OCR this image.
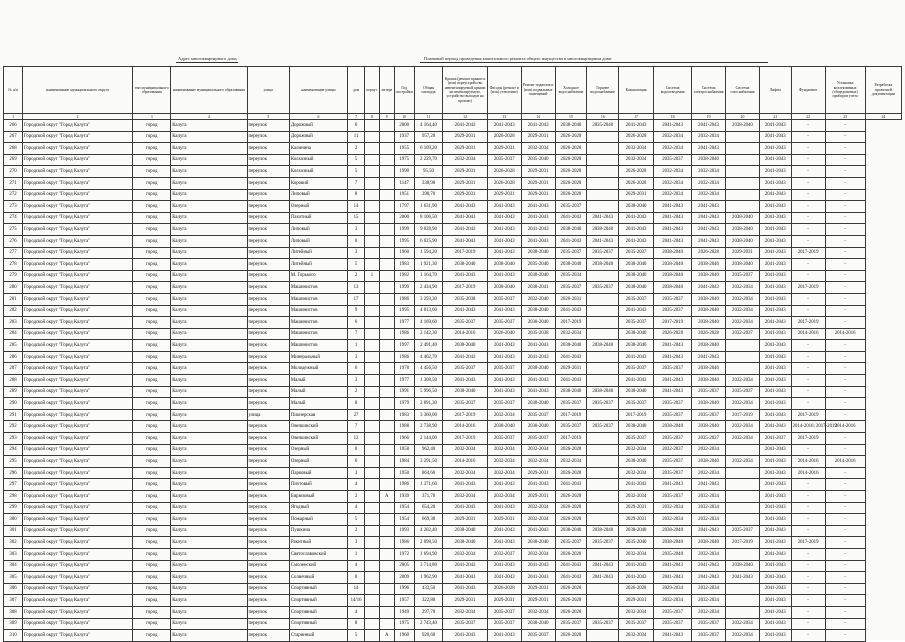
Адрес многоквартирного дома	Плановый период проведения капитального ремонта общего имущества в многоквартирном доме
№ п/п	наименование муниципального округа	тип муниципального образования	наименование муниципального образования	улица	наименование улицы	дом	корпус	литера	Год постройки	Общая площадь	Крыша (ремонт крыши и (или) переустройство невентилируемой крыши на вентилируемую, устройство выходов на кровлю)	Фасады (ремонт и (или) утепление)	Ремонт подвалов и (или) подвальных помещений	Холодное водоснабжение	Горячее водоснабжение	Канализация	Система водоотведения	Система электроснабжения	Система газоснабжения	Лифты	Фундамент	Установка коллективных (общедомовых) приборов учета	Разработка проектной документации
1	2	3	4	5	6	7	8	9	10	11	12	13	14	15	16	17	18	19	20	21	22	23	24
266	Городской округ "Город Калуга"	город	Калуга	переулок	Дорожный	6			2000	4 164,40	2041-2043	2041-2043	2041-2043	2038-2040	2035-2040	2041-2043	2041-2043	2041-2043	2038-2040	2041-2043	-	-	
267	Городской округ "Город Калуга"	город	Калуга	переулок	Дорожный	11			1937	957,20	2029-2031	2026-2028	2029-2031	2026-2028		2026-2028	2032-2034	2032-2034		2041-2043	-	-	
268	Городской округ "Город Калуга"	город	Калуга	переулок	Калинина	2			1955	6 109,20	2029-2031	2029-2031	2032-2034	2026-2028		2032-2034	2032-2034	2041-2043		2041-2043	-	-	
269	Городской округ "Город Калуга"	город	Калуга	переулок	Колхозный	5			1975	2 229,70	2032-2034	2035-2037	2035-2040	2026-2028		2032-2034	2035-2037	2038-2040		2041-2043	-	-	
270	Городской округ "Город Калуга"	город	Калуга	переулок	Колхозный	5			1990	95,50	2029-2031	2026-2028	2029-2031	2026-2028		2026-2028	2032-2034	2032-2034		2041-2043	-	-	
271	Городской округ "Город Калуга"	город	Калуга	переулок	Коровий	7			1147	338,90	2029-2031	2026-2028	2029-2031	2026-2028		2026-2028	2032-2034	2032-2034		2041-2043	-	-	
272	Городской округ "Город Калуга"	город	Калуга	переулок	Липовый	8			1951	398,70	2029-2031	2029-2031	2029-2031	2026-2028		2029-2031	2032-2034	2032-2034		2041-2043	-	-	
273	Городской округ "Город Калуга"	город	Калуга	переулок	Озерный	14			1797	1 631,90	2041-2043	2041-2043	2041-2043	2035-2037		2038-2040	2041-2043	2041-2043		2041-2043	-	-	
274	Городской округ "Город Калуга"	город	Калуга	переулок	Пахотный	15			2000	8 106,50	2041-2043	2041-2043	2041-2043	2041-2043	2041-2043	2041-2043	2041-2043	2041-2043	2038-2040	2041-2043	-	-	
275	Городской округ "Город Калуга"	город	Калуга	переулок	Липовый	3			1999	9 028,90	2041-2043	2041-2043	2041-2043	2038-2040	2038-2040	2041-2043	2041-2043	2041-2043	2038-2040	2041-2043	-	-	
276	Городской округ "Город Калуга"	город	Калуга	переулок	Липовый	6			1995	6 025,90	2041-2043	2041-2043	2041-2043	2041-2043	2041-2043	2041-2043	2041-2043	2041-2043	2038-2040	2041-2043	-	-	
277	Городской округ "Город Калуга"	город	Калуга	переулок	Литейный	3			1960	1 594,20	2017-2019	2041-2043	2038-2040	2035-2037	2035-2037	2035-2037	2038-2040	2026-2028	2029-2031	2041-2043	2017-2019	-	
278	Городской округ "Город Калуга"	город	Калуга	переулок	Литейный	5			1983	1 921,30	2038-2040	2038-2040	2035-2040	2038-2040	2038-2040	2038-2040	2038-2040	2038-2040	2038-2040	2041-2043	-	-	
279	Городской округ "Город Калуга"	город	Калуга	переулок	М. Горького	2	1		1982	1 164,70	2041-2043	2041-2043	2038-2040	2035-2034		2038-2040	2038-2040	2038-2040	2035-2037	2041-2043	-	-	
280	Городской округ "Город Калуга"	город	Калуга	переулок	Машинистов	13			1999	2 434,90	2017-2019	2038-2040	2038-2041	2035-2037	2035-2037	2038-2040	2038-2040	2041-2043	2032-2034	2041-2043	2017-2019	-	
281	Городской округ "Город Калуга"	город	Калуга	переулок	Машинистов	17			1986	3 293,30	2035-2038	2035-2037	2032-2040	2026-2031		2035-2037	2035-2037	2038-2040	2032-2034	2041-2043	-	-	
282	Городской округ "Город Калуга"	город	Калуга	переулок	Машинистов	9			1995	4 013,60	2041-2043	2041-2043	2038-2040	2041-2043		2041-2043	2035-2037	2038-2040	2032-2034	2041-2043	-	-	
283	Городской округ "Город Калуга"	город	Калуга	переулок	Машинистов	6			1977	4 169,60	2035-2037	2035-2037	2038-2040	2017-2019		2035-2037	2017-2019	2038-2040	2032-2034	2041-2043	2017-2019	-	
284	Городской округ "Город Калуга"	город	Калуга	переулок	Машинистов	7			1986	2 142,30	2014-2016	2026-2040	2035-2038	2032-2034		2038-2040	2026-2028	2026-2028	2032-2037	2041-2043	2014-2016	2014-2016	
285	Городской округ "Город Калуга"	город	Калуга	переулок	Машинистов	1			1997	2 491,40	2038-2040	2041-2043	2041-2043	2038-2040	2038-2040	2038-2040	2041-2043	2038-2040		2041-2043	-	-	
286	Городской округ "Город Калуга"	город	Калуга	переулок	Минеральный	3			1986	4 402,70	2041-2043	2041-2043	2041-2043	2041-2043		2041-2043	2041-2043	2041-2043		2041-2043	-	-	
287	Городской округ "Город Калуга"	город	Калуга	переулок	Молодежный	6			1978	4 456,50	2035-2037	2035-2037	2038-2040	2029-2031		2035-2037	2035-2037	2038-2040		2041-2043	-	-	
288	Городской округ "Город Калуга"	город	Калуга	переулок	Малый	3			1977	1 308,50	2041-2043	2041-2043	2041-2043	2041-2043		2041-2043	2041-2043	2038-2040	2032-2034	2041-2043	-	-	
289	Городской округ "Город Калуга"	город	Калуга	переулок	Малый	2			1991	5 996,50	2038-2040	2041-2043	2041-2043	2038-2040	2038-2040	2038-2040	2041-2043	2035-2037	2035-2037	2041-2043	-	-	
290	Городской округ "Город Калуга"	город	Калуга	переулок	Малый	8			1979	2 891,30	2035-2037	2035-2037	2038-2040	2035-2037	2035-2037	2035-2037	2035-2037	2038-2040	2032-2034	2041-2043	-	-	
291	Городской округ "Город Калуга"	город	Калуга	улица	Пионерская	27			1983	3 360,00	2017-2019	2032-2034	2035-2037	2017-2019		2017-2019	2035-2037	2035-2037	2017-2019	2041-2043	2017-2019	-	
292	Городской округ "Город Калуга"	город	Калуга	переулок	Овечкинский	7			1988	2 738,90	2014-2016	2038-2040	2038-2040	2035-2037	2035-2037	2038-2040	2038-2040	2038-2040	2032-2034	2041-2043	2014-2016; 2017-2019	2014-2016	
293	Городской округ "Город Калуга"	город	Калуга	переулок	Овечкинский	12			1966	2 144,00	2017-2019	2035-2037	2035-2037	2017-2019		2035-2037	2035-2037	2035-2037	2032-2034	2041-2037	2017-2019	-	
294	Городской округ "Город Калуга"	город	Калуга	переулок	Озерный	8			1958	962,40	2032-2034	2032-2034	2032-2034	2026-2028		2032-2034	2032-2037	2032-2034		2041-2043	-	-	
295	Городской округ "Город Калуга"	город	Калуга	переулок	Озерный	6			1984	3 291,50	2014-2016	2032-2034	2032-2034	2032-2034		2038-2040	2035-2037	2038-2040	2032-2034	2041-2043	2014-2016	2014-2016	
296	Городской округ "Город Калуга"	город	Калуга	переулок	Парковый	3			1950	864,60	2032-2034	2032-2034	2029-2031	2026-2028		2032-2034	2035-2037	2032-2034		2041-2043	2014-2016	-	
297	Городской округ "Город Калуга"	город	Калуга	переулок	Пихтовый	4			1986	1 371,60	2041-2043	2041-2043	2041-2043	2041-2043		2041-2043	2041-2043	2041-2043		2041-2043	-	-	
298	Городской округ "Город Калуга"	город	Калуга	переулок	Бирюзовый	2		А	1939	371,70	2032-2034	2032-2034	2029-2031	2026-2028		2032-2034	2035-2037	2032-2034		2041-2043	-	-	
299	Городской округ "Город Калуга"	город	Калуга	переулок	Ягодный	4			1954	654,20	2041-2043	2041-2043	2032-2034	2026-2028		2029-2031	2032-2034	2032-2034		2041-2043	-	-	
300	Городской округ "Город Калуга"	город	Калуга	переулок	Пожарный	5			1954	669,30	2029-2031	2029-2031	2032-2034	2026-2028		2029-2031	2032-2034	2032-2034		2041-2043	-	-	
301	Городской округ "Город Калуга"	город	Калуга	переулок	Пушкина	2			1993	4 202,40	2038-2040	2041-2043	2041-2043	2038-2040	2038-2040	2038-2040	2038-2040	2041-2043	2035-2037	2041-2043	-	-	
302	Городской округ "Город Калуга"	город	Калуга	переулок	Ракитный	3			1986	2 098,50	2038-2040	2041-2043	2038-2040	2035-2037	2035-2037	2035-2040	2038-2040	2038-2040	2017-2019	2041-2043	2017-2019	-	
303	Городской округ "Город Калуга"	город	Калуга	переулок	Святославовский	1			1972	1 694,90	2032-2034	2032-2037	2032-2034	2026-2028		2032-2034	2035-2040	2032-2034		2041-2043	-	-	
304	Городской округ "Город Калуга"	город	Калуга	переулок	Смоленский	4			2005	3 714,80	2041-2043	2041-2043	2041-2043	2041-2043	2041-2043	2041-2043	2041-2043	2041-2043	2038-2040	2041-2043	-	-	
305	Городской округ "Город Калуга"	город	Калуга	переулок	Солнечный	8			2009	1 962,90	2041-2043	2041-2043	2041-2043	2041-2043	2041-2043	2041-2043	2041-2043	2041-2043	2041-2043	2041-2043	-	-	
306	Городской округ "Город Калуга"	город	Калуга	переулок	Спортивный	14			1996	433,50	2041-2043	2026-2028	2029-2031	2026-2028		2026-2028	2029-2034	2032-2034		2041-2043	-	-	
307	Городской округ "Город Калуга"	город	Калуга	переулок	Спортивный	14/16			1957	322,80	2029-2031	2029-2031	2029-2031	2026-2028		2029-2031	2032-2034	2032-2034		2041-2043	-	-	
308	Городской округ "Город Калуга"	город	Калуга	переулок	Спортивный	4			1949	297,70	2032-2034	2035-2037	2032-2034	2026-2028		2032-2034	2035-2037	2032-2034		2041-2043	-	-	
309	Городской округ "Город Калуга"	город	Калуга	переулок	Спортивный	8			1975	2 743,40	2035-2037	2035-2037	2038-2040	2035-2037	2035-2037	2035-2037	2035-2037	2035-2037	2032-2034	2041-2043	-	-	
310	Городской округ "Город Калуга"	город	Калуга	переулок	Старинный	5		А	1960	920,60	2041-2043	2041-2043	2035-2037	2026-2028		2032-2034	2041-2043	2035-2037	2032-2034	2041-2043	-	-	
